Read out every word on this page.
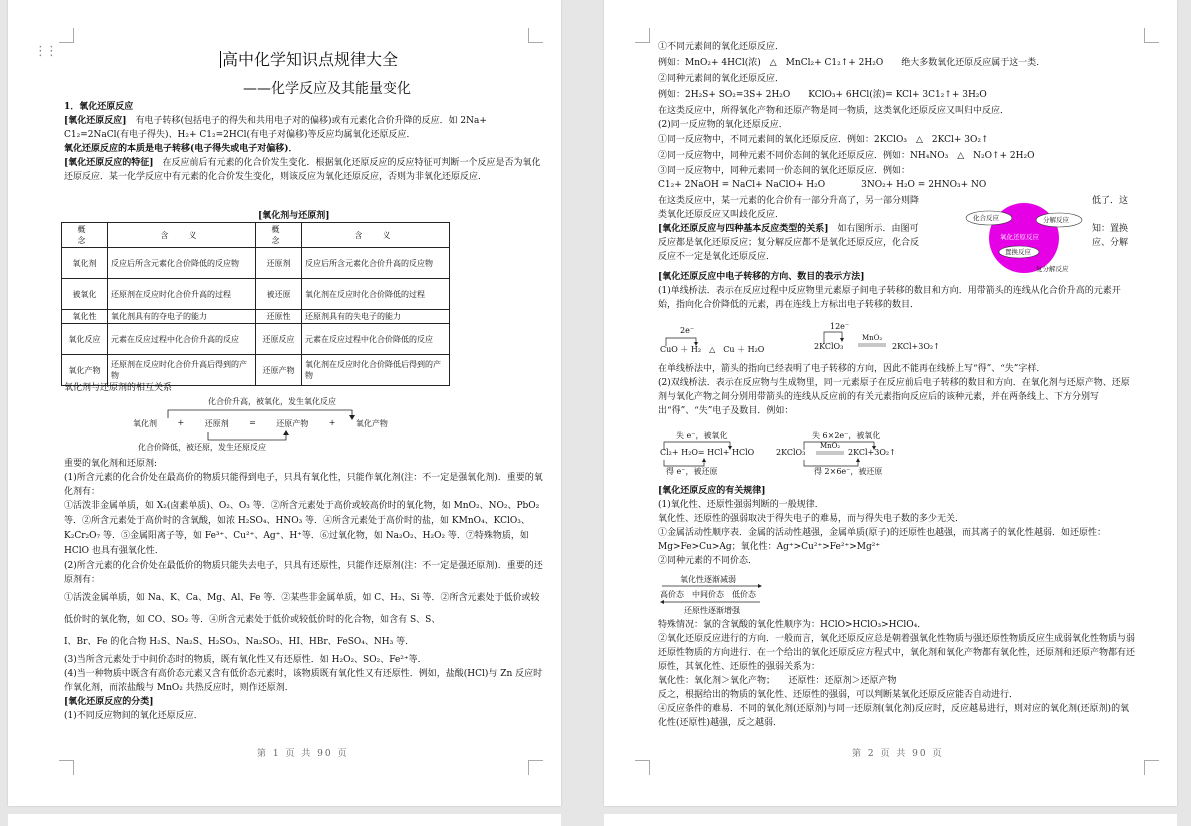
⋮⋮	高中化学知识点规律大全
——化学反应及其能量变化

1．氧化还原反应

[氧化还原反应]　 有电子转移(包括电子的得失和共用电子对的偏移)或有元素化合价升降的反应．如 2Na+ C1₂=2NaCl(有电子得失)、H₂+ C1₂=2HCl(有电子对偏移)等反应均属氧化还原反应．

氧化还原反应的本质是电子转移(电子得失或电子对偏移)．

[氧化还原反应的特征]　 在反应前后有元素的化合价发生变化．根据氧化还原反应的反应特征可判断一个反应是否为氧化还原反应．某一化学反应中有元素的化合价发生变化，则该反应为氧化还原反应，否则为非氧化还原反应．

[氧化剂与还原剂]
概　念	含　义	概　念	含　义
氧化剂	反应后所含元素化合价降低的反应物	还原剂	反应后所含元素化合价升高的反应物
被氧化	还原剂在反应时化合价升高的过程	被还原	氧化剂在反应时化合价降低的过程
氧化性	氧化剂具有的夺电子的能力	还原性	还原剂具有的失电子的能力
氧化反应	元素在反应过程中化合价升高的反应	还原反应	元素在反应过程中化合价降低的反应
氧化产物	还原剂在反应时化合价升高后得到的产物	还原产物	氧化剂在反应时化合价降低后得到的产物
氧化剂与还原剂的相互关系
化合价升高，被氧化，发生氧化反应
氧化剂	+	还原剂	=	还原产物	+	氧化产物
化合价降低，被还原，发生还原反应

重要的氧化剂和还原剂:

(1)所含元素的化合价处在最高价的物质只能得到电子，只具有氧化性，只能作氧化剂(注：不一定是强氧化剂)．重要的氧化剂有：

①活泼非金属单质，如 X₂(卤素单质)、O₂、O₃ 等．②所含元素处于高价或较高价时的氧化物，如 MnO₂、NO₂、PbO₂ 等．②所含元素处于高价时的含氧酸，如浓 H₂SO₄、HNO₃ 等．④所含元素处于高价时的盐，如 KMnO₄、KClO₃、K₂Cr₂O₇ 等．⑤金属阳离子等，如 Fe³⁺、Cu²⁺、Ag⁺、H⁺等．⑥过氧化物，如 Na₂O₂、H₂O₂ 等．⑦特殊物质，如 HClO 也具有强氧化性．

(2)所含元素的化合价处在最低价的物质只能失去电子，只具有还原性，只能作还原剂(注：不一定是强还原剂)．重要的还原剂有：

①活泼金属单质，如 Na、K、Ca、Mg、Al、Fe 等．②某些非金属单质，如 C、H₂、Si 等．②所含元素处于低价或较低价时的氧化物，如 CO、SO₂ 等．④所含元素处于低价或较低价时的化合物，如含有 S、S、

I、Br、Fe 的化合物 H₂S、Na₂S、H₂SO₃、Na₂SO₃、HI、HBr、FeSO₄、NH₃ 等．

(3)当所含元素处于中间价态时的物质，既有氧化性又有还原性．如 H₂O₂、SO₂、Fe²⁺等．

(4)当一种物质中既含有高价态元素又含有低价态元素时，该物质既有氧化性又有还原性．例如，盐酸(HCl)与 Zn 反应时作氧化剂，而浓盐酸与 MnO₂ 共热反应时，则作还原剂．

[氧化还原反应的分类]

(1)不同反应物间的氧化还原反应．

第 1 页 共 90 页

①不同元素间的氧化还原反应．

例如：MnO₂+ 4HCl(浓)　△　MnCl₂+ C1₂↑+ 2H₂O　　绝大多数氧化还原反应属于这一类．

②同种元素间的氧化还原反应．

例如：2H₂S+ SO₂=3S+ 2H₂O　　KClO₃+ 6HCl(浓)= KCl+ 3C1₂↑+ 3H₂O

在这类反应中，所得氧化产物和还原产物是同一物质，这类氧化还原反应又叫归中反应．

(2)同一反应物的氧化还原反应．

①同一反应物中，不同元素间的氧化还原反应．例如：2KClO₃　△　2KCl+ 3O₂↑

②同一反应物中，同种元素不同价态间的氧化还原反应．例如：NH₄NO₃　△　N₂O↑+ 2H₂O

③同一反应物中，同种元素同一价态间的氧化还原反应．例如：

C1₂+ 2NaOH = NaCl+ NaClO+ H₂O　　　　3NO₂+ H₂O = 2HNO₃+ NO

在这类反应中，某一元素的化合价有一部分升高了，另一部分则降

类氧化还原反应又叫歧化反应．

[氧化还原反应与四种基本反应类型的关系]　 如右图所示．由图可

反应都是氧化还原反应；复分解反应都不是氧化还原反应，化合反

反应不一定是氧化还原反应．

低了．这

知：置换

应、分解

化合反应	分解反应
氧化还原反应
置换反应
复分解反应

[氧化还原反应中电子转移的方向、数目的表示方法]

(1)单线桥法．表示在反应过程中反应物里元素原子间电子转移的数目和方向．用带箭头的连线从化合价升高的元素开始，指向化合价降低的元素，再在连线上方标出电子转移的数目．

2e⁻
CuO ＋ H₂　△　Cu ＋ H₂O
12e⁻
2KClO₃
MnO₂
2KCl+3O₂↑

在单线桥法中，箭头的指向已经表明了电子转移的方向，因此不能再在线桥上写“得”、“失”字样．

(2)双线桥法．表示在反应物与生成物里，同一元素原子在反应前后电子转移的数目和方向．在氧化剂与还原产物、还原剂与氧化产物之间分别用带箭头的连线从反应前的有关元素指向反应后的该种元素，并在两条线上、下方分别写出“得”、“失”电子及数目．例如：

失 e⁻，被氧化
Cl₂+ H₂O= HCl+ HClO
得 e⁻，被还原
失 6×2e⁻，被氧化
2KClO₃
MnO₂
2KCl+3O₂↑
得 2×6e⁻，被还原

[氧化还原反应的有关规律]

(1)氧化性、还原性强弱判断的一般规律．

氧化性、还原性的强弱取决于得失电子的难易，而与得失电子数的多少无关．

①金属活动性顺序表．金属的活动性越强，金属单质(原子)的还原性也越强，而其离子的氧化性越弱．如还原性：Mg>Fe>Cu>Ag；氧化性：Ag⁺>Cu²⁺>Fe²⁺>Mg²⁺

②同种元素的不同价态．

氧化性逐渐减弱
高价态　中间价态　低价态
还原性逐渐增强

特殊情况：氯的含氧酸的氧化性顺序为：HClO>HClO₃>HClO₄．

②氧化还原反应进行的方向．一般而言，氧化还原反应总是朝着强氧化性物质与强还原性物质反应生成弱氧化性物质与弱还原性物质的方向进行．在一个给出的氧化还原反应方程式中，氧化剂和氧化产物都有氧化性，还原剂和还原产物都有还原性，其氧化性、还原性的强弱关系为：

氧化性：氧化剂＞氧化产物；　　还原性：还原剂＞还原产物

反之，根据给出的物质的氧化性、还原性的强弱，可以判断某氧化还原反应能否自动进行．

④反应条件的难易．不同的氧化剂(还原剂)与同一还原剂(氧化剂)反应时，反应越易进行，则对应的氧化剂(还原剂)的氧化性(还原性)越强，反之越弱．

第 2 页 共 90 页
